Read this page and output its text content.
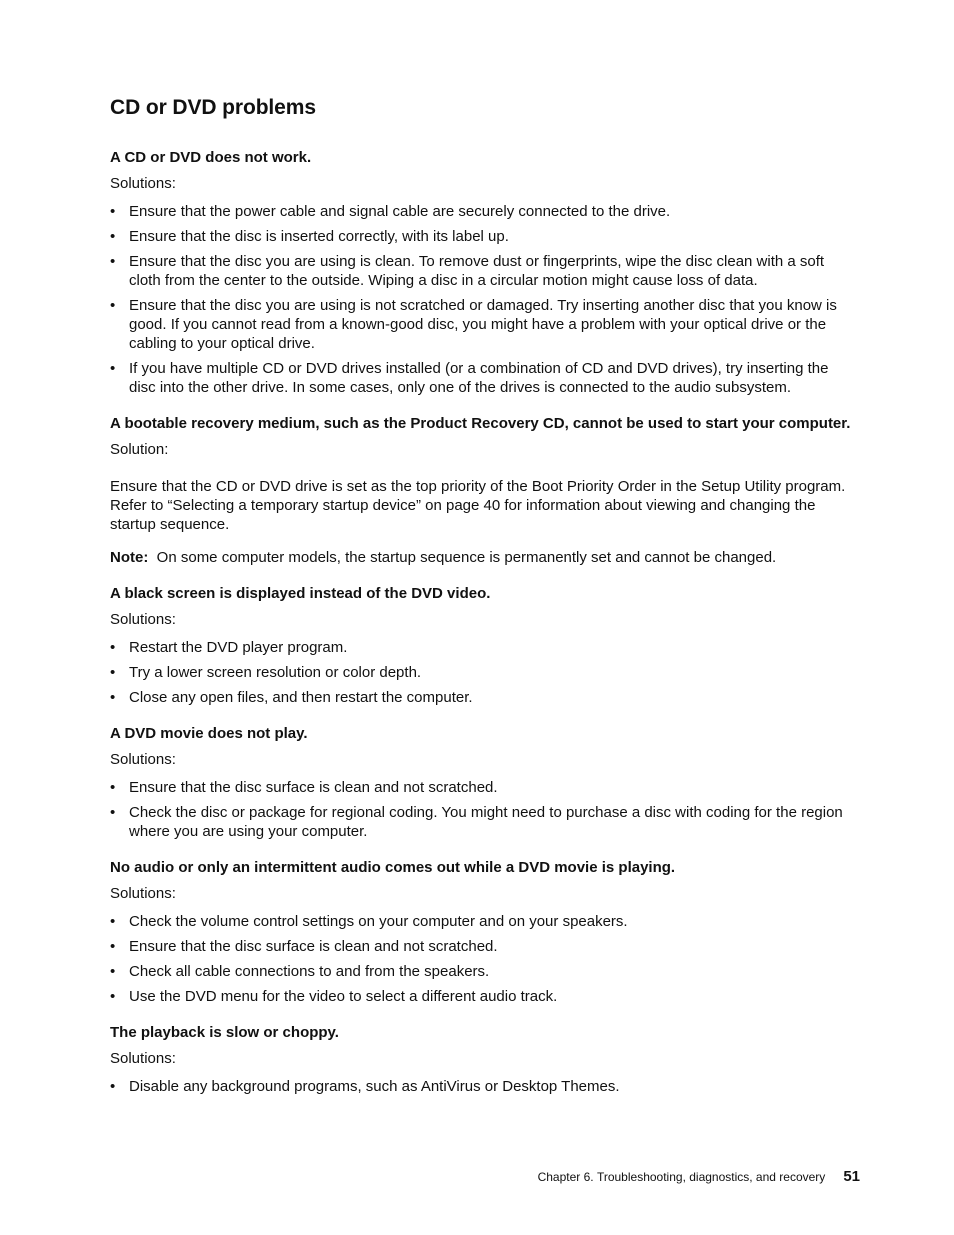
CD or DVD problems

A CD or DVD does not work.

Solutions:

• Ensure that the power cable and signal cable are securely connected to the drive.
• Ensure that the disc is inserted correctly, with its label up.
• Ensure that the disc you are using is clean. To remove dust or fingerprints, wipe the disc clean with a soft cloth from the center to the outside. Wiping a disc in a circular motion might cause loss of data.
• Ensure that the disc you are using is not scratched or damaged. Try inserting another disc that you know is good. If you cannot read from a known-good disc, you might have a problem with your optical drive or the cabling to your optical drive.
• If you have multiple CD or DVD drives installed (or a combination of CD and DVD drives), try inserting the disc into the other drive. In some cases, only one of the drives is connected to the audio subsystem.

A bootable recovery medium, such as the Product Recovery CD, cannot be used to start your computer.

Solution:

Ensure that the CD or DVD drive is set as the top priority of the Boot Priority Order in the Setup Utility program. Refer to “Selecting a temporary startup device” on page 40 for information about viewing and changing the startup sequence.

Note: On some computer models, the startup sequence is permanently set and cannot be changed.

A black screen is displayed instead of the DVD video.

Solutions:

• Restart the DVD player program.
• Try a lower screen resolution or color depth.
• Close any open files, and then restart the computer.

A DVD movie does not play.

Solutions:

• Ensure that the disc surface is clean and not scratched.
• Check the disc or package for regional coding. You might need to purchase a disc with coding for the region where you are using your computer.

No audio or only an intermittent audio comes out while a DVD movie is playing.

Solutions:

• Check the volume control settings on your computer and on your speakers.
• Ensure that the disc surface is clean and not scratched.
• Check all cable connections to and from the speakers.
• Use the DVD menu for the video to select a different audio track.

The playback is slow or choppy.

Solutions:

• Disable any background programs, such as AntiVirus or Desktop Themes.
Chapter 6.
Troubleshooting, diagnostics, and recovery 51
